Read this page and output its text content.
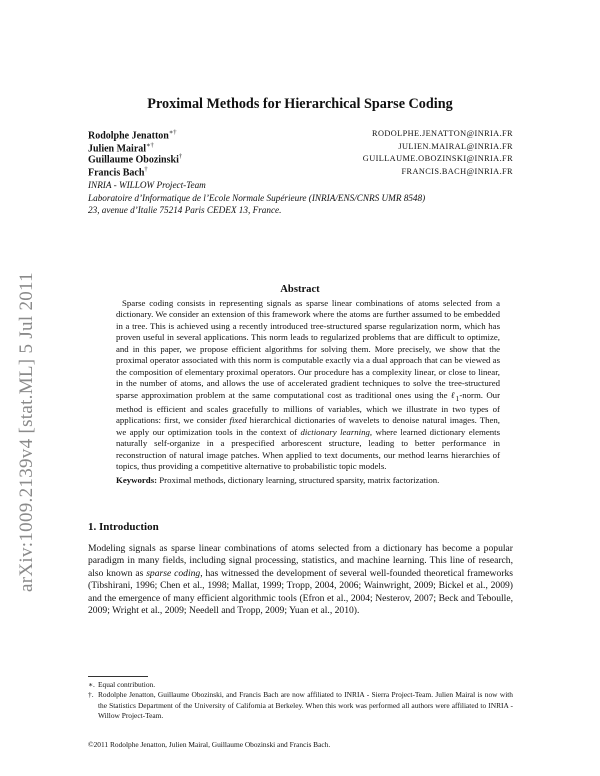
arXiv:1009.2139v4 [stat.ML] 5 Jul 2011
Proximal Methods for Hierarchical Sparse Coding
Rodolphe Jenatton∗†	RODOLPHE.JENATTON@INRIA.FR
Julien Mairal∗†	JULIEN.MAIRAL@INRIA.FR
Guillaume Obozinski†	GUILLAUME.OBOZINSKI@INRIA.FR
Francis Bach†	FRANCIS.BACH@INRIA.FR
INRIA - WILLOW Project-Team
Laboratoire d’Informatique de l’Ecole Normale Supérieure (INRIA/ENS/CNRS UMR 8548)
23, avenue d’Italie 75214 Paris CEDEX 13, France.
Abstract

Sparse coding consists in representing signals as sparse linear combinations of atoms selected from a dictionary. We consider an extension of this framework where the atoms are further assumed to be embedded in a tree. This is achieved using a recently introduced tree-structured sparse regularization norm, which has proven useful in several applications. This norm leads to regularized problems that are difficult to optimize, and in this paper, we propose efficient algorithms for solving them. More precisely, we show that the proximal operator associated with this norm is computable exactly via a dual approach that can be viewed as the composition of elementary proximal operators. Our procedure has a complexity linear, or close to linear, in the number of atoms, and allows the use of accelerated gradient techniques to solve the tree-structured sparse approximation problem at the same computational cost as traditional ones using the ℓ$_1$-norm. Our method is efficient and scales gracefully to millions of variables, which we illustrate in two types of applications: first, we consider fixed hierarchical dictionaries of wavelets to denoise natural images. Then, we apply our optimization tools in the context of dictionary learning, where learned dictionary elements naturally self-organize in a prespecified arborescent structure, leading to better performance in reconstruction of natural image patches. When applied to text documents, our method learns hierarchies of topics, thus providing a competitive alternative to probabilistic topic models.

Keywords: Proximal methods, dictionary learning, structured sparsity, matrix factorization.

1. Introduction

Modeling signals as sparse linear combinations of atoms selected from a dictionary has become a popular paradigm in many fields, including signal processing, statistics, and machine learning. This line of research, also known as sparse coding, has witnessed the development of several well-founded theoretical frameworks (Tibshirani, 1996; Chen et al., 1998; Mallat, 1999; Tropp, 2004, 2006; Wainwright, 2009; Bickel et al., 2009) and the emergence of many efficient algorithmic tools (Efron et al., 2004; Nesterov, 2007; Beck and Teboulle, 2009; Wright et al., 2009; Needell and Tropp, 2009; Yuan et al., 2010).

∗. Equal contribution.
†. Rodolphe Jenatton, Guillaume Obozinski, and Francis Bach are now affiliated to INRIA - Sierra Project-Team. Julien Mairal is now with the Statistics Department of the University of California at Berkeley. When this work was performed all authors were affiliated to INRIA - Willow Project-Team.
©2011 Rodolphe Jenatton, Julien Mairal, Guillaume Obozinski and Francis Bach.
